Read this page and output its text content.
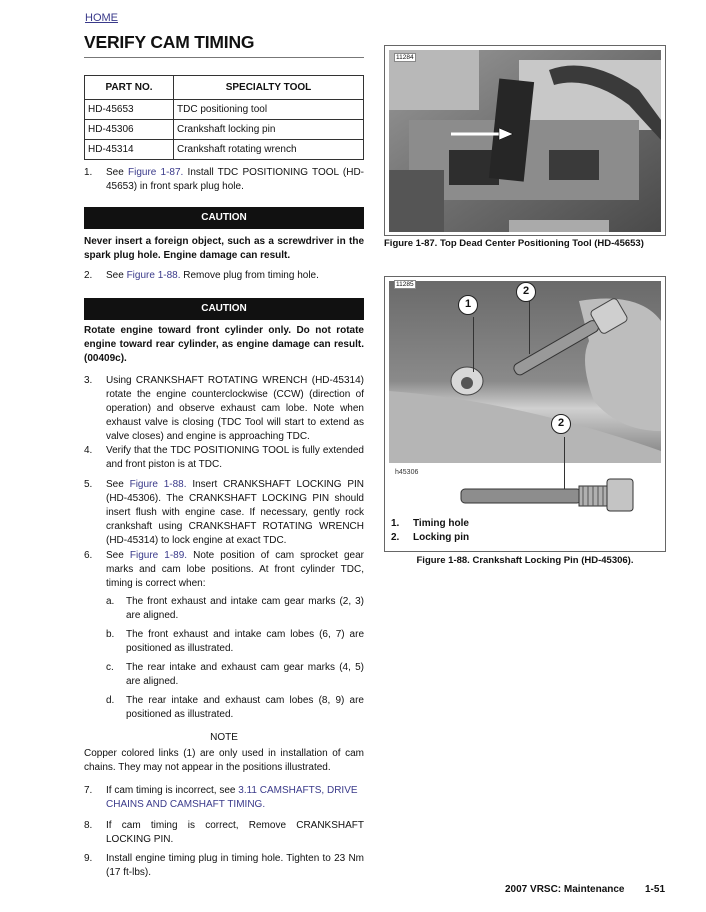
HOME
VERIFY CAM TIMING
PART NO.	SPECIALTY TOOL
HD-45653	TDC positioning tool
HD-45306	Crankshaft locking pin
HD-45314	Crankshaft rotating wrench
1.	See Figure 1-87. Install TDC POSITIONING TOOL (HD-45653) in front spark plug hole.
CAUTION
Never insert a foreign object, such as a screwdriver in the spark plug hole. Engine damage can result.
2.	See Figure 1-88. Remove plug from timing hole.
CAUTION
Rotate engine toward front cylinder only. Do not rotate engine toward rear cylinder, as engine damage can result. (00409c).
3.	Using CRANKSHAFT ROTATING WRENCH (HD-45314) rotate the engine counterclockwise (CCW) (direction of operation) and observe exhaust cam lobe. Note when exhaust valve is closing (TDC Tool will start to extend as valve closes) and engine is approaching TDC.
4.	Verify that the TDC POSITIONING TOOL is fully extended and front piston is at TDC.
5.	See Figure 1-88. Insert CRANKSHAFT LOCKING PIN (HD-45306). The CRANKSHAFT LOCKING PIN should insert flush with engine case. If necessary, gently rock crankshaft using CRANKSHAFT ROTATING WRENCH (HD-45314) to lock engine at exact TDC.
6.	See Figure 1-89. Note position of cam sprocket gear marks and cam lobe positions. At front cylinder TDC, timing is correct when:
a.	The front exhaust and intake cam gear marks (2, 3) are aligned.
b.	The front exhaust and intake cam lobes (6, 7) are positioned as illustrated.
c.	The rear intake and exhaust cam gear marks (4, 5) are aligned.
d.	The rear intake and exhaust cam lobes (8, 9) are positioned as illustrated.
NOTE
Copper colored links (1) are only used in installation of cam chains. They may not appear in the positions illustrated.
7.	If cam timing is incorrect, see 3.11 CAMSHAFTS, DRIVE CHAINS AND CAMSHAFT TIMING.
8.	If cam timing is correct, Remove CRANKSHAFT LOCKING PIN.
9.	Install engine timing plug in timing hole. Tighten to 23 Nm (17 ft-lbs).
11284
Figure 1-87. Top Dead Center Positioning Tool (HD-45653)
11285
1
2
2
h45306
1.	Timing hole
2.	Locking pin
Figure 1-88. Crankshaft Locking Pin (HD-45306).
2007 VRSC: Maintenance 1-51
